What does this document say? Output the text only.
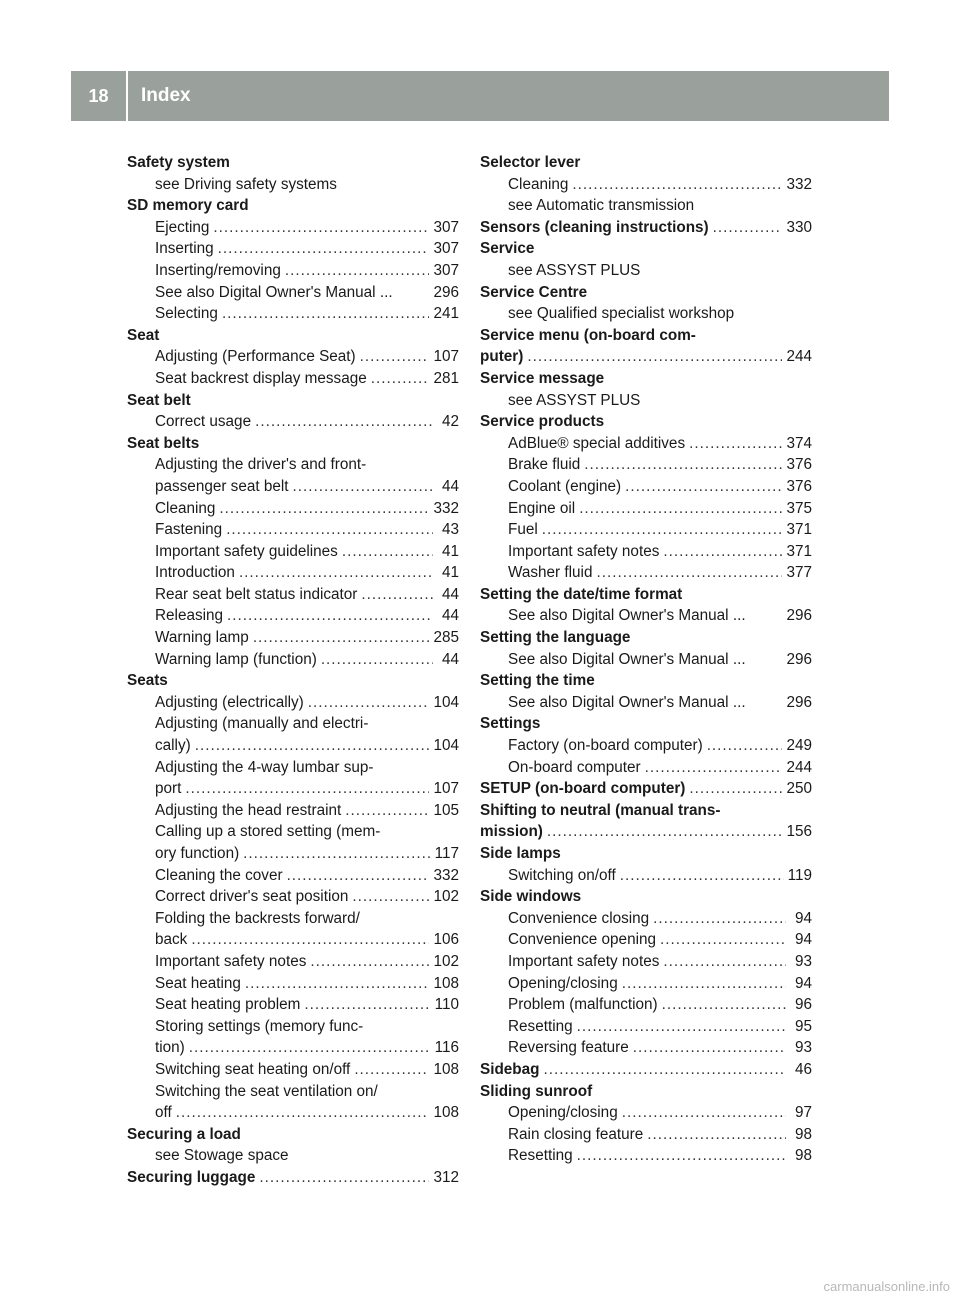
18	Index
Safety system
see Driving safety systems
SD memory card
Ejecting .....	307
Inserting .....	307
Inserting/removing .....	307
See also Digital Owner's Manual ...	296
Selecting .....	241
Seat
Adjusting (Performance Seat) .....	107
Seat backrest display message .....	281
Seat belt
Correct usage .....	42
Seat belts
Adjusting the driver's and front-
passenger seat belt .....	44
Cleaning .....	332
Fastening .....	43
Important safety guidelines .....	41
Introduction .....	41
Rear seat belt status indicator .....	44
Releasing .....	44
Warning lamp .....	285
Warning lamp (function) .....	44
Seats
Adjusting (electrically) .....	104
Adjusting (manually and electri-
cally) .....	104
Adjusting the 4-way lumbar sup-
port .....	107
Adjusting the head restraint .....	105
Calling up a stored setting (mem-
ory function) .....	117
Cleaning the cover .....	332
Correct driver's seat position .....	102
Folding the backrests forward/
back .....	106
Important safety notes .....	102
Seat heating .....	108
Seat heating problem .....	110
Storing settings (memory func-
tion) .....	116
Switching seat heating on/off .....	108
Switching the seat ventilation on/
off .....	108
Securing a load
see Stowage space
Securing luggage .....	312
Selector lever
Cleaning .....	332
see Automatic transmission
Sensors (cleaning instructions) .....	330
Service
see ASSYST PLUS
Service Centre
see Qualified specialist workshop
Service menu (on-board com-
puter) .....	244
Service message
see ASSYST PLUS
Service products
AdBlue® special additives .....	374
Brake fluid .....	376
Coolant (engine) .....	376
Engine oil .....	375
Fuel .....	371
Important safety notes .....	371
Washer fluid .....	377
Setting the date/time format
See also Digital Owner's Manual ...	296
Setting the language
See also Digital Owner's Manual ...	296
Setting the time
See also Digital Owner's Manual ...	296
Settings
Factory (on-board computer) .....	249
On-board computer .....	244
SETUP (on-board computer) .....	250
Shifting to neutral (manual trans-
mission) .....	156
Side lamps
Switching on/off .....	119
Side windows
Convenience closing .....	94
Convenience opening .....	94
Important safety notes .....	93
Opening/closing .....	94
Problem (malfunction) .....	96
Resetting .....	95
Reversing feature .....	93
Sidebag .....	46
Sliding sunroof
Opening/closing .....	97
Rain closing feature .....	98
Resetting .....	98
carmanualsonline.info
